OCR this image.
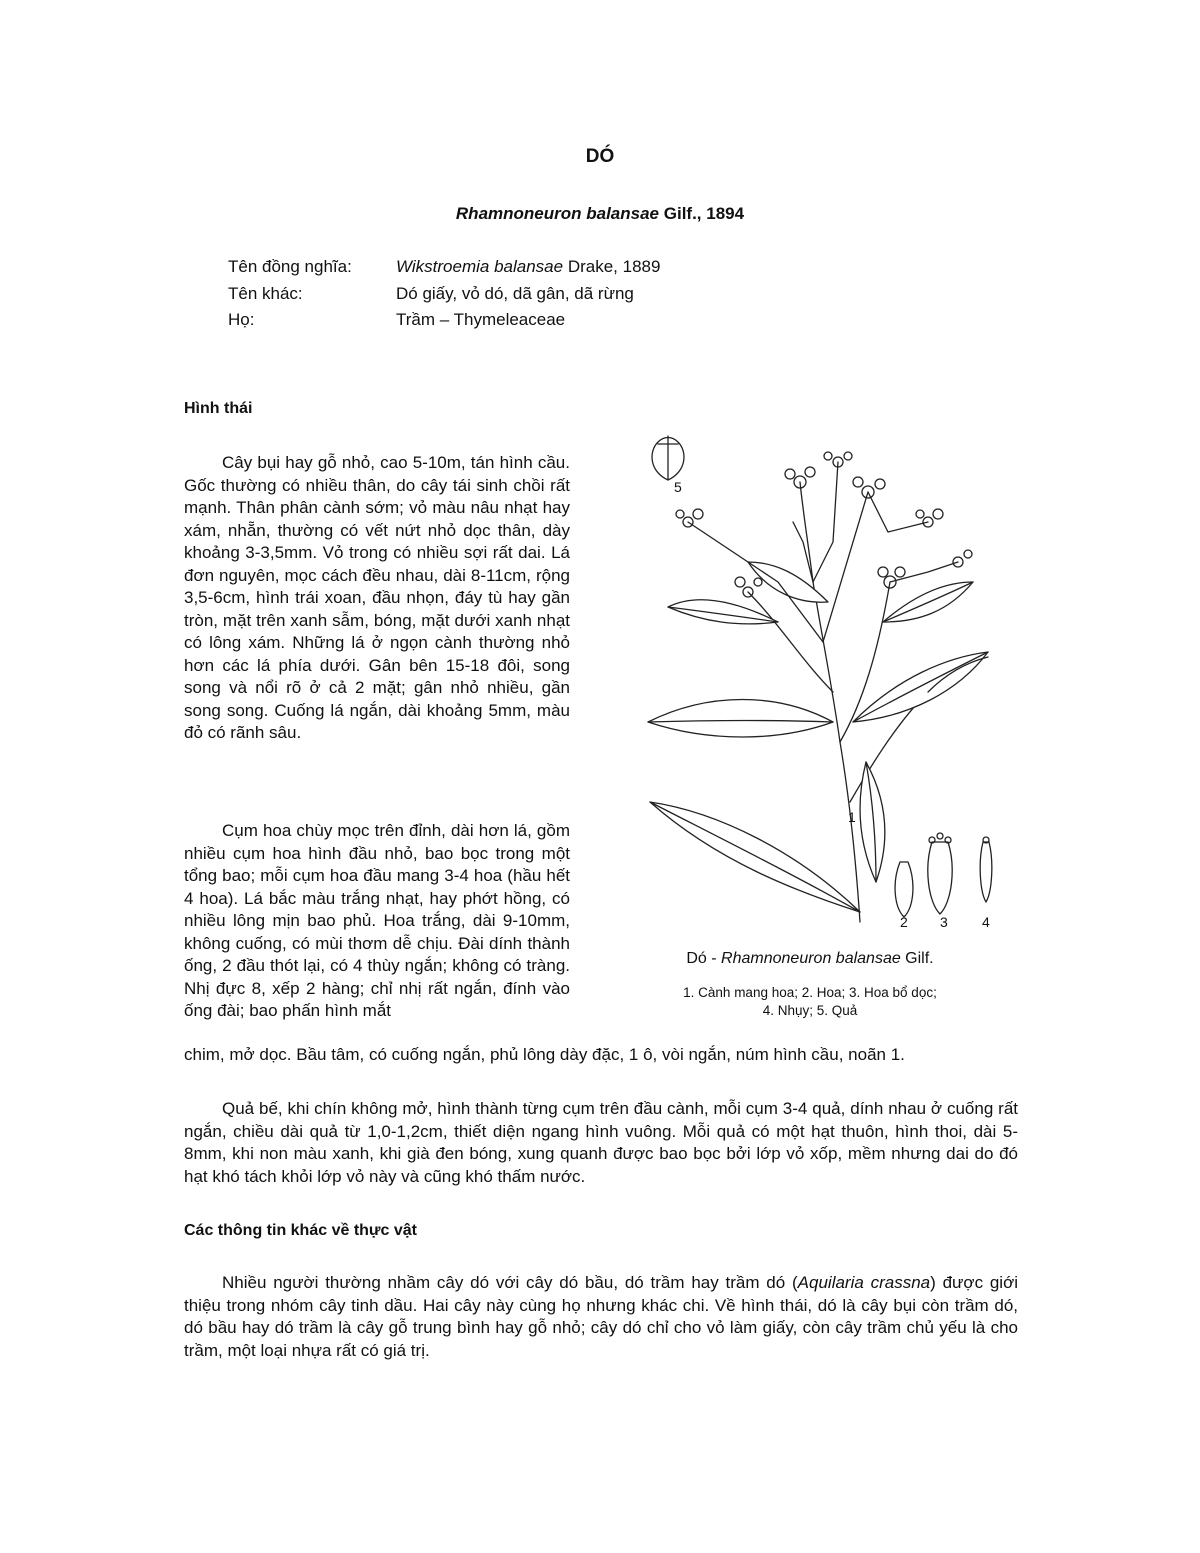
DÓ
Rhamnoneuron balansae Gilf., 1894
Tên đồng nghĩa:	Wikstroemia balansae Drake, 1889
Tên khác:	Dó giấy, vỏ dó, dã gân, dã rừng
Họ:	Trầm – Thymeleaceae
Hình thái
Cây bụi hay gỗ nhỏ, cao 5-10m, tán hình cầu. Gốc thường có nhiều thân, do cây tái sinh chồi rất mạnh. Thân phân cành sớm; vỏ màu nâu nhạt hay xám, nhẵn, thường có vết nứt nhỏ dọc thân, dày khoảng 3-3,5mm. Vỏ trong có nhiều sợi rất dai. Lá đơn nguyên, mọc cách đều nhau, dài 8-11cm, rộng 3,5-6cm, hình trái xoan, đầu nhọn, đáy tù hay gần tròn, mặt trên xanh sẫm, bóng, mặt dưới xanh nhạt có lông xám. Những lá ở ngọn cành thường nhỏ hơn các lá phía dưới. Gân bên 15-18 đôi, song song và nổi rõ ở cả 2 mặt; gân nhỏ nhiều, gần song song. Cuống lá ngắn, dài khoảng 5mm, màu đỏ có rãnh sâu.
Cụm hoa chùy mọc trên đỉnh, dài hơn lá, gồm nhiều cụm hoa hình đầu nhỏ, bao bọc trong một tổng bao; mỗi cụm hoa đầu mang 3-4 hoa (hầu hết 4 hoa). Lá bắc màu trắng nhạt, hay phớt hồng, có nhiều lông mịn bao phủ. Hoa trắng, dài 9-10mm, không cuống, có mùi thơm dễ chịu. Đài dính thành ống, 2 đầu thót lại, có 4 thùy ngắn; không có tràng. Nhị đực 8, xếp 2 hàng; chỉ nhị rất ngắn, đính vào ống đài; bao phấn hình mắt
chim, mở dọc. Bầu tâm, có cuống ngắn, phủ lông dày đặc, 1 ô, vòi ngắn, núm hình cầu, noãn 1.
Quả bế, khi chín không mở, hình thành từng cụm trên đầu cành, mỗi cụm 3-4 quả, dính nhau ở cuống rất ngắn, chiều dài quả từ 1,0-1,2cm, thiết diện ngang hình vuông. Mỗi quả có một hạt thuôn, hình thoi, dài 5-8mm, khi non màu xanh, khi già đen bóng, xung quanh được bao bọc bởi lớp vỏ xốp, mềm nhưng dai do đó hạt khó tách khỏi lớp vỏ này và cũng khó thấm nước.
Các thông tin khác về thực vật
Nhiều người thường nhầm cây dó với cây dó bầu, dó trầm hay trầm dó (Aquilaria crassna) được giới thiệu trong nhóm cây tinh dầu. Hai cây này cùng họ nhưng khác chi. Về hình thái, dó là cây bụi còn trầm dó, dó bầu hay dó trầm là cây gỗ trung bình hay gỗ nhỏ; cây dó chỉ cho vỏ làm giấy, còn cây trầm chủ yếu là cho trầm, một loại nhựa rất có giá trị.
1
2 3 4
5
Dó - Rhamnoneuron balansae Gilf.
1. Cành mang hoa; 2. Hoa; 3. Hoa bổ dọc;
4. Nhụy; 5. Quả
